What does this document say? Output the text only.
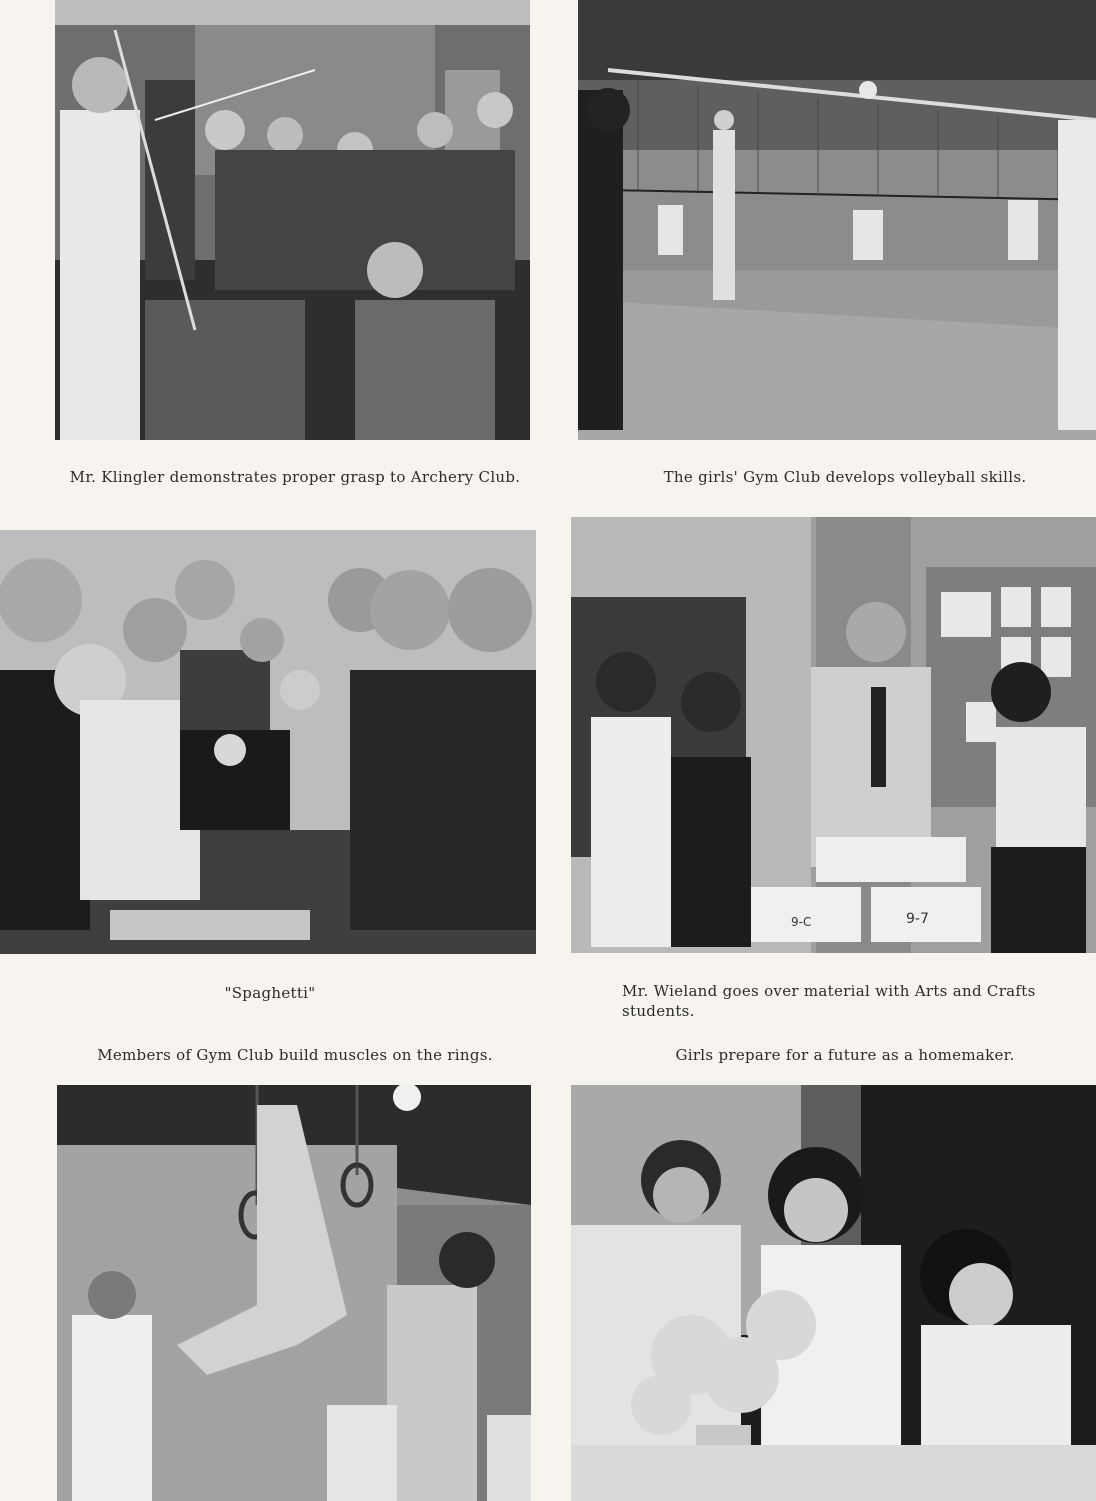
Mr. Klingler demonstrates proper grasp to Archery Club.	The girls' Gym Club develops volleyball skills.
"Spaghetti"
9-C	9-7
Mr. Wieland goes over material with Arts and Crafts students.
Members of Gym Club build muscles on the rings.	Girls prepare for a future as a homemaker.
